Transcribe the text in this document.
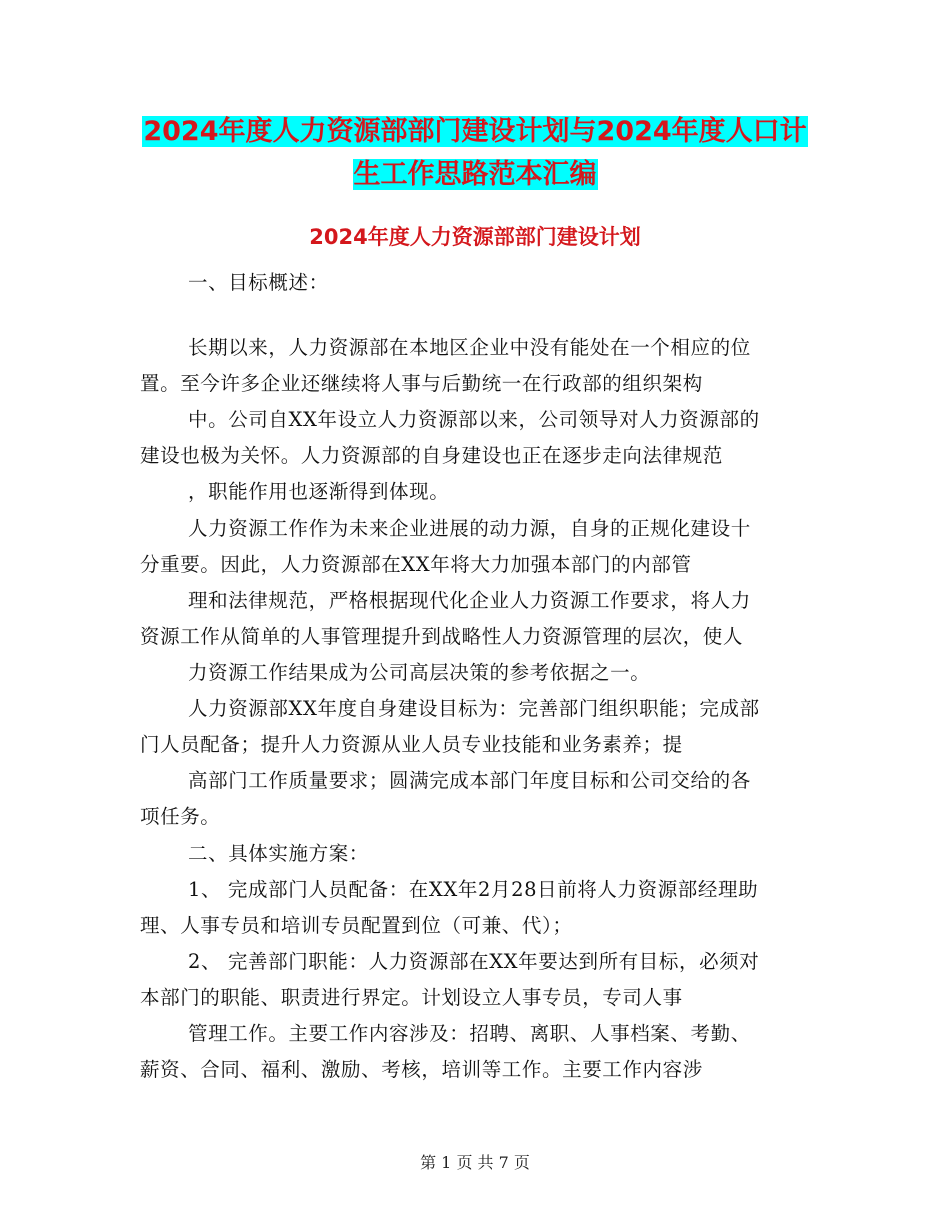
2024年度人力资源部部门建设计划与2024年度人口计
生工作思路范本汇编
2024年度人力资源部部门建设计划
一、目标概述：
长期以来，人力资源部在本地区企业中没有能处在一个相应的位
置。至今许多企业还继续将人事与后勤统一在行政部的组织架构
中。公司自XX年设立人力资源部以来，公司领导对人力资源部的
建设也极为关怀。人力资源部的自身建设也正在逐步走向法律规范
，职能作用也逐渐得到体现。
人力资源工作作为未来企业进展的动力源，自身的正规化建设十
分重要。因此，人力资源部在XX年将大力加强本部门的内部管
理和法律规范，严格根据现代化企业人力资源工作要求，将人力
资源工作从简单的人事管理提升到战略性人力资源管理的层次，使人
力资源工作结果成为公司高层决策的参考依据之一。
人力资源部XX年度自身建设目标为：完善部门组织职能；完成部
门人员配备；提升人力资源从业人员专业技能和业务素养；提
高部门工作质量要求；圆满完成本部门年度目标和公司交给的各
项任务。
二、具体实施方案：
1、 完成部门人员配备：在XX年2月28日前将人力资源部经理助
理、人事专员和培训专员配置到位（可兼、代）；
2、 完善部门职能：人力资源部在XX年要达到所有目标，必须对
本部门的职能、职责进行界定。计划设立人事专员，专司人事
管理工作。主要工作内容涉及：招聘、离职、人事档案、考勤、
薪资、合同、福利、激励、考核，培训等工作。主要工作内容涉
第 1 页 共 7 页
